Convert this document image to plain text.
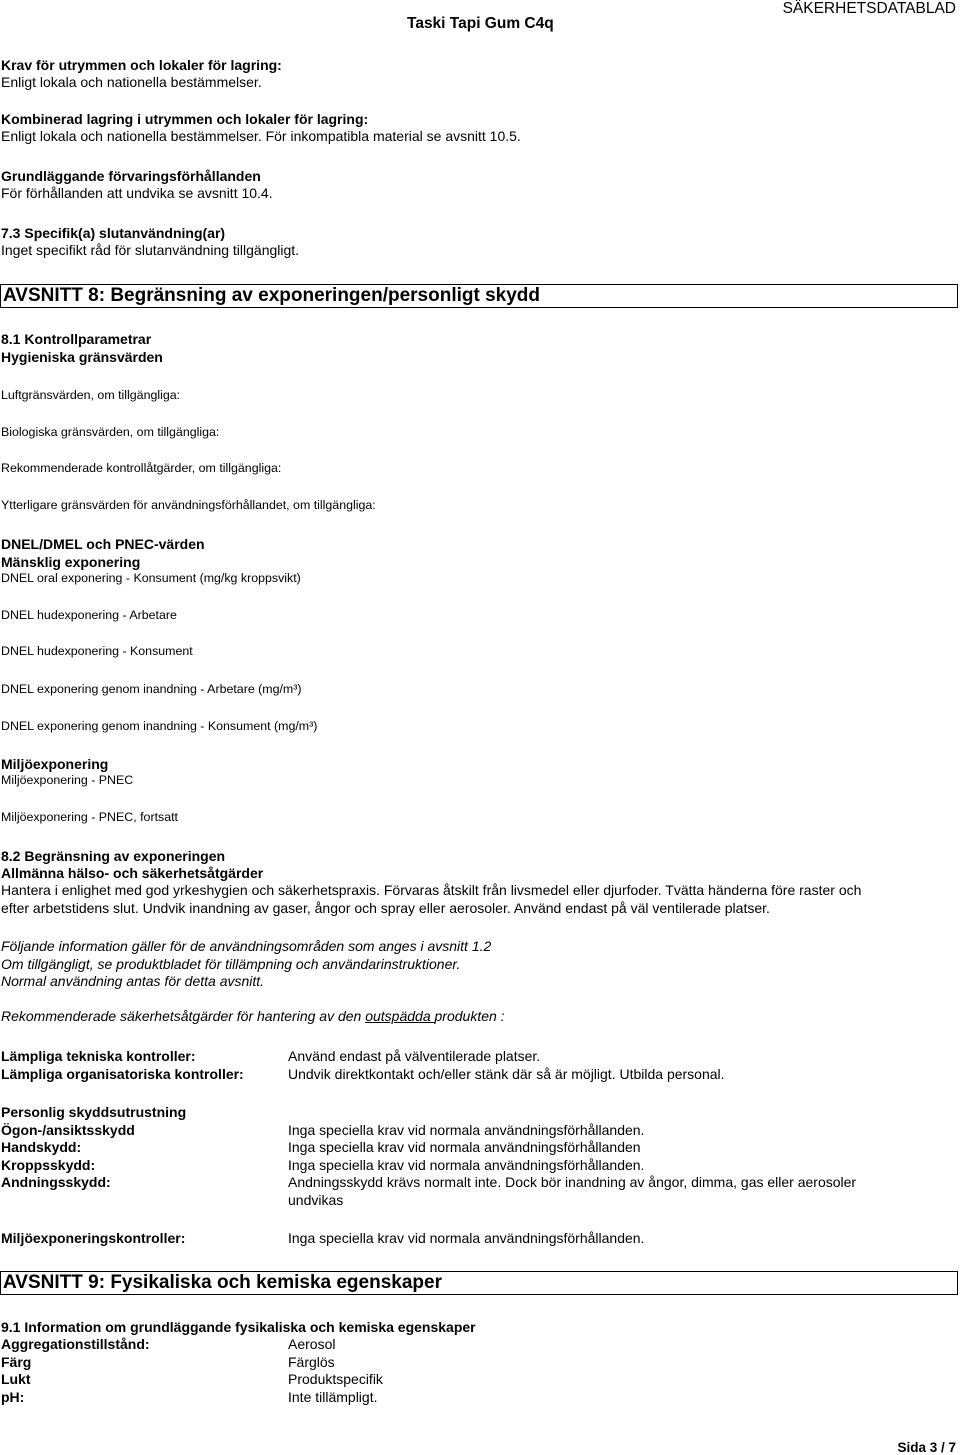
Taski Tapi Gum C4q
SÄKERHETSDATABLAD
Krav för utrymmen och lokaler för lagring:
Enligt lokala och nationella bestämmelser.
Kombinerad lagring i utrymmen och lokaler för lagring:
Enligt lokala och nationella bestämmelser. För inkompatibla material se avsnitt 10.5.
Grundläggande förvaringsförhållanden
För förhållanden att undvika se avsnitt 10.4.
7.3 Specifik(a) slutanvändning(ar)
Inget specifikt råd för slutanvändning tillgängligt.
AVSNITT 8: Begränsning av exponeringen/personligt skydd
8.1 Kontrollparametrar
Hygieniska gränsvärden
Luftgränsvärden, om tillgängliga:
Biologiska gränsvärden, om tillgängliga:
Rekommenderade kontrollåtgärder, om tillgängliga:
Ytterligare gränsvärden för användningsförhållandet, om tillgängliga:
DNEL/DMEL och PNEC-värden
Mänsklig exponering
DNEL oral exponering - Konsument (mg/kg kroppsvikt)
DNEL hudexponering - Arbetare
DNEL hudexponering - Konsument
DNEL exponering genom inandning - Arbetare (mg/m³)
DNEL exponering genom inandning - Konsument (mg/m³)
Miljöexponering
Miljöexponering - PNEC
Miljöexponering - PNEC, fortsatt
8.2 Begränsning av exponeringen
Allmänna hälso- och säkerhetsåtgärder
Hantera i enlighet med god yrkeshygien och säkerhetspraxis. Förvaras åtskilt från livsmedel eller djurfoder. Tvätta händerna före raster och
efter arbetstidens slut. Undvik inandning av gaser, ångor och spray eller aerosoler. Använd endast på väl ventilerade platser.
Följande information gäller för de användningsområden som anges i avsnitt 1.2
Om tillgängligt, se produktbladet för tillämpning och användarinstruktioner.
Normal användning antas för detta avsnitt.
Rekommenderade säkerhetsåtgärder för hantering av den outspädda produkten :
Lämpliga tekniska kontroller:	Använd endast på välventilerade platser.
Lämpliga organisatoriska kontroller:	Undvik direktkontakt och/eller stänk där så är möjligt. Utbilda personal.
Personlig skyddsutrustning
Ögon-/ansiktsskydd	Inga speciella krav vid normala användningsförhållanden.
Handskydd:	Inga speciella krav vid normala användningsförhållanden
Kroppsskydd:	Inga speciella krav vid normala användningsförhållanden.
Andningsskydd:	Andningsskydd krävs normalt inte. Dock bör inandning av ångor, dimma, gas eller aerosoler
undvikas
Miljöexponeringskontroller:	Inga speciella krav vid normala användningsförhållanden.
AVSNITT 9: Fysikaliska och kemiska egenskaper
9.1 Information om grundläggande fysikaliska och kemiska egenskaper
Aggregationstillstånd:	Aerosol
Färg	Färglös
Lukt	Produktspecifik
pH:	Inte tillämpligt.
Sida 3 / 7
